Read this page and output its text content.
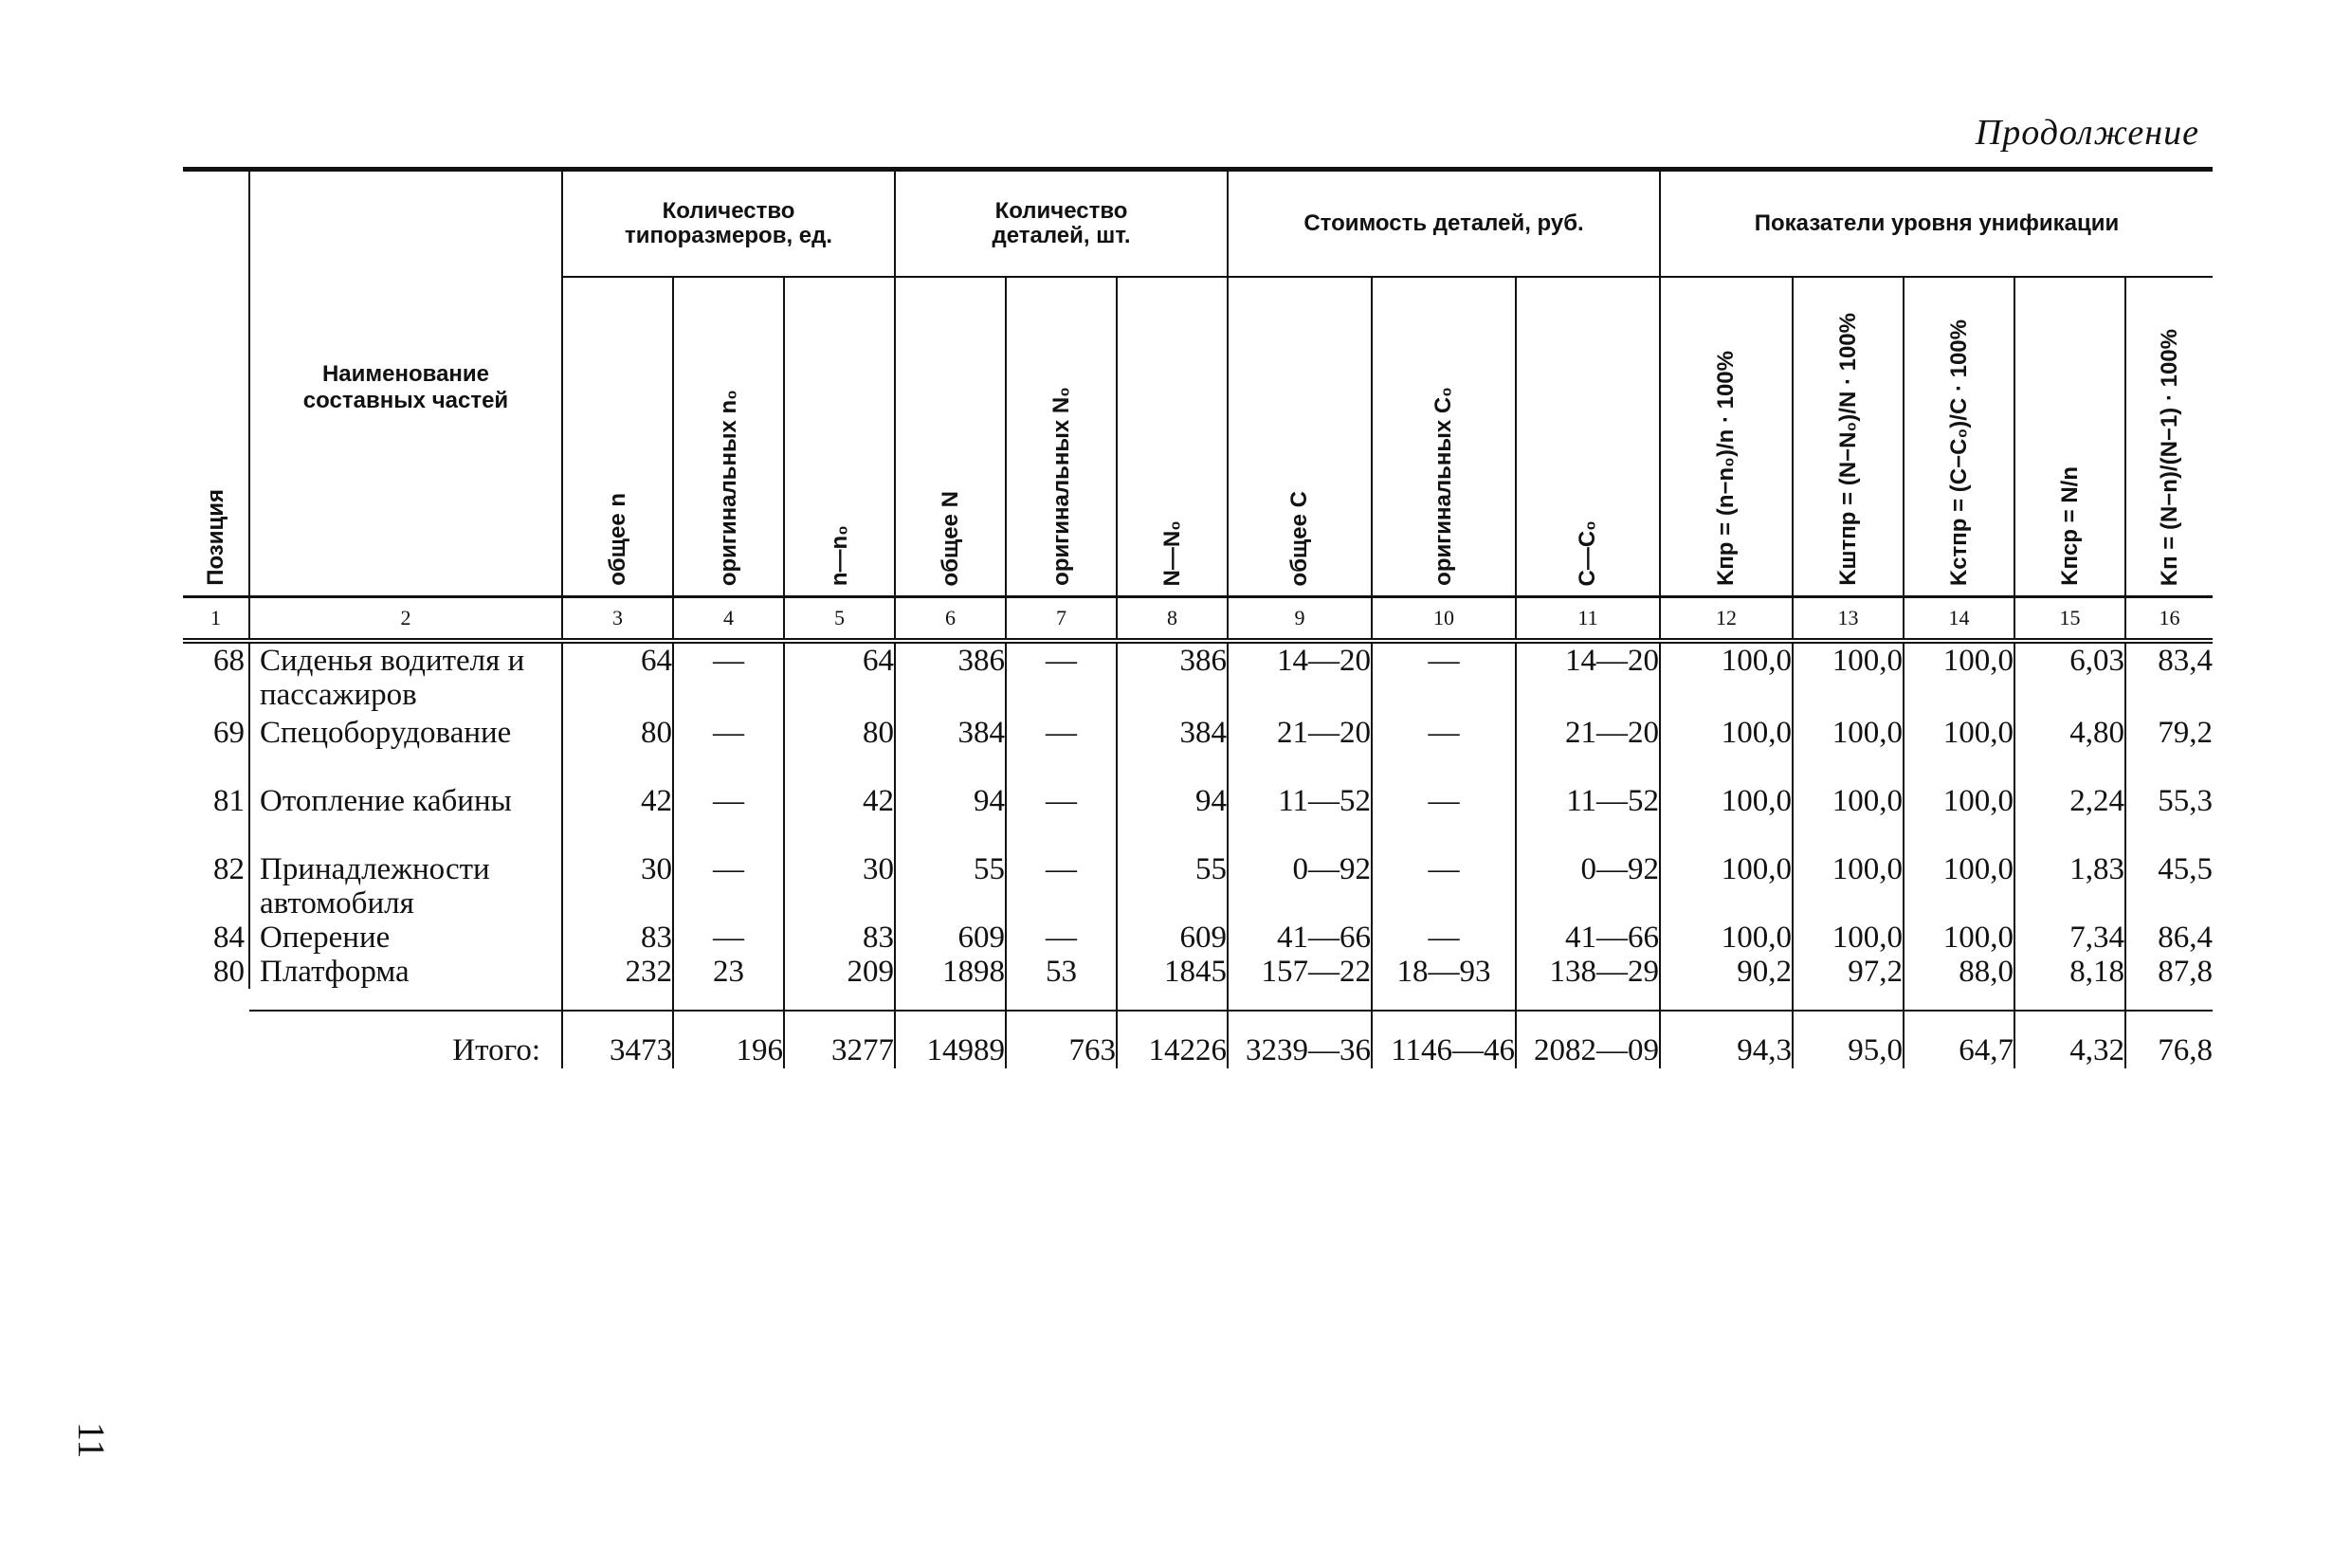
Продолжение
Позиция	Наименование составных частей	Количество типоразмеров, ед.			Количество деталей, шт.			Стоимость деталей, руб.			Показатели уровня унификации				

		общее n	оригинальных n₀	n—n₀	общее N	оригинальных N₀	N—N₀	общее C	оригинальных C₀	C—C₀	Kпр = (n−n₀)/n · 100%	Kштпр = (N−N₀)/N · 100%	Kстпр = (C−C₀)/C · 100%	Kпср = N/n	Kп = (N−n)/(N−1) · 100%

1	2	3	4	5	6	7	8	9	10	11	12	13	14	15	16
68	Сиденья водителя и пассажиров	64	—	64	386	—	386	14—20	—	14—20	100,0	100,0	100,0	6,03	83,4
69	Спецоборудование	80	—	80	384	—	384	21—20	—	21—20	100,0	100,0	100,0	4,80	79,2
81	Отопление кабины	42	—	42	94	—	94	11—52	—	11—52	100,0	100,0	100,0	2,24	55,3
82	Принадлежности автомобиля	30	—	30	55	—	55	0—92	—	0—92	100,0	100,0	100,0	1,83	45,5
84	Оперение	83	—	83	609	—	609	41—66	—	41—66	100,0	100,0	100,0	7,34	86,4
80	Платформа	232	23	209	1898	53	1845	157—22	18—93	138—29	90,2	97,2	88,0	8,18	87,8

Итого:		3473	196	3277	14989	763	14226	3239—36	1146—46	2082—09	94,3	95,0	64,7	4,32	76,8
11
